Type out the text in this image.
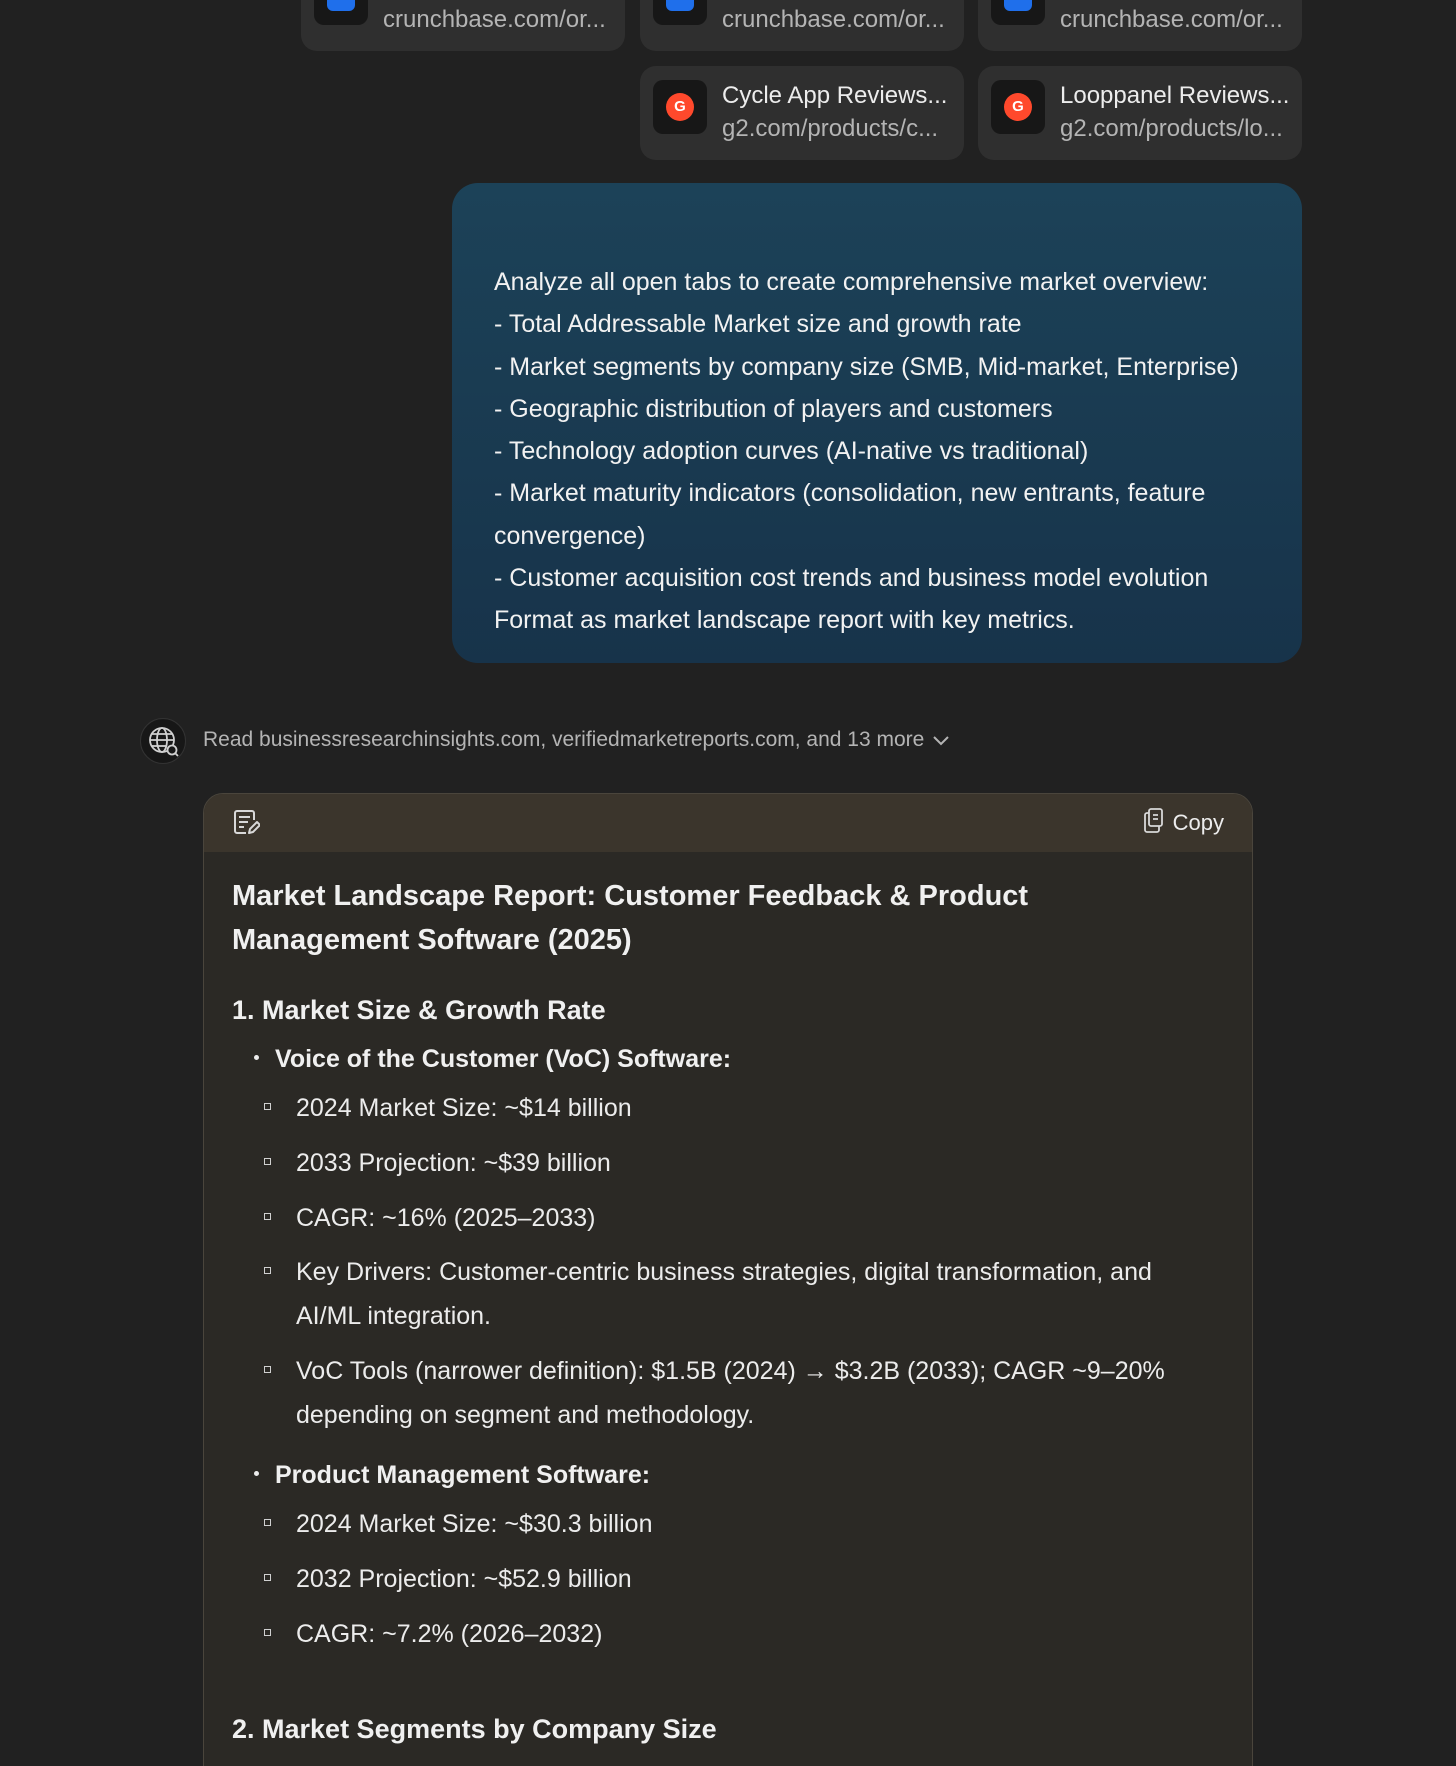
crunchbase.com/or...	crunchbase.com/or...	crunchbase.com/or...
G	Cycle App Reviews...
g2.com/products/c...
G	Looppanel Reviews...
g2.com/products/lo...

Analyze all open tabs to create comprehensive market overview:

- Total Addressable Market size and growth rate

- Market segments by company size (SMB, Mid-market, Enterprise)

- Geographic distribution of players and customers

- Technology adoption curves (AI-native vs traditional)

- Market maturity indicators (consolidation, new entrants, feature

convergence)

- Customer acquisition cost trends and business model evolution

Format as market landscape report with key metrics.

Read businessresearchinsights.com, verifiedmarketreports.com, and 13 more
Copy

Market Landscape Report: Customer Feedback & Product
Management Software (2025)

1. Market Size & Growth Rate
Voice of the Customer (VoC) Software:
2024 Market Size: ~$14 billion
2033 Projection: ~$39 billion
CAGR: ~16% (2025–2033)
Key Drivers: Customer-centric business strategies, digital transformation, and AI/ML integration.
VoC Tools (narrower definition): $1.5B (2024) → $3.2B (2033); CAGR ~9–20% depending on segment and methodology.
Product Management Software:
2024 Market Size: ~$30.3 billion
2032 Projection: ~$52.9 billion
CAGR: ~7.2% (2026–2032)
2. Market Segments by Company Size
